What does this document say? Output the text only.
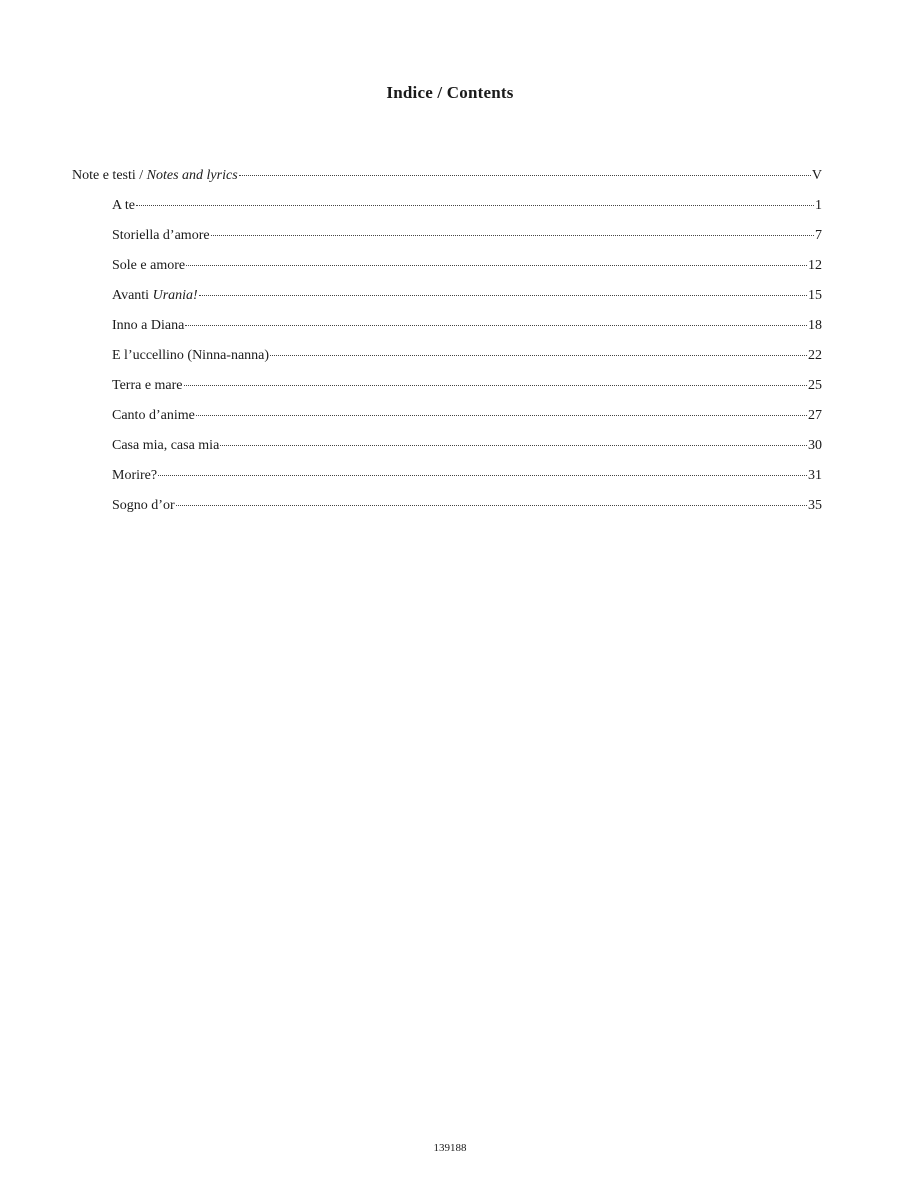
Indice / Contents
Note e testi / Notes and lyrics	V
A te	1
Storiella d’amore	7
Sole e amore	12
Avanti Urania!	15
Inno a Diana	18
E l’uccellino (Ninna-nanna)	22
Terra e mare	25
Canto d’anime	27
Casa mia, casa mia	30
Morire?	31
Sogno d’or	35
139188
